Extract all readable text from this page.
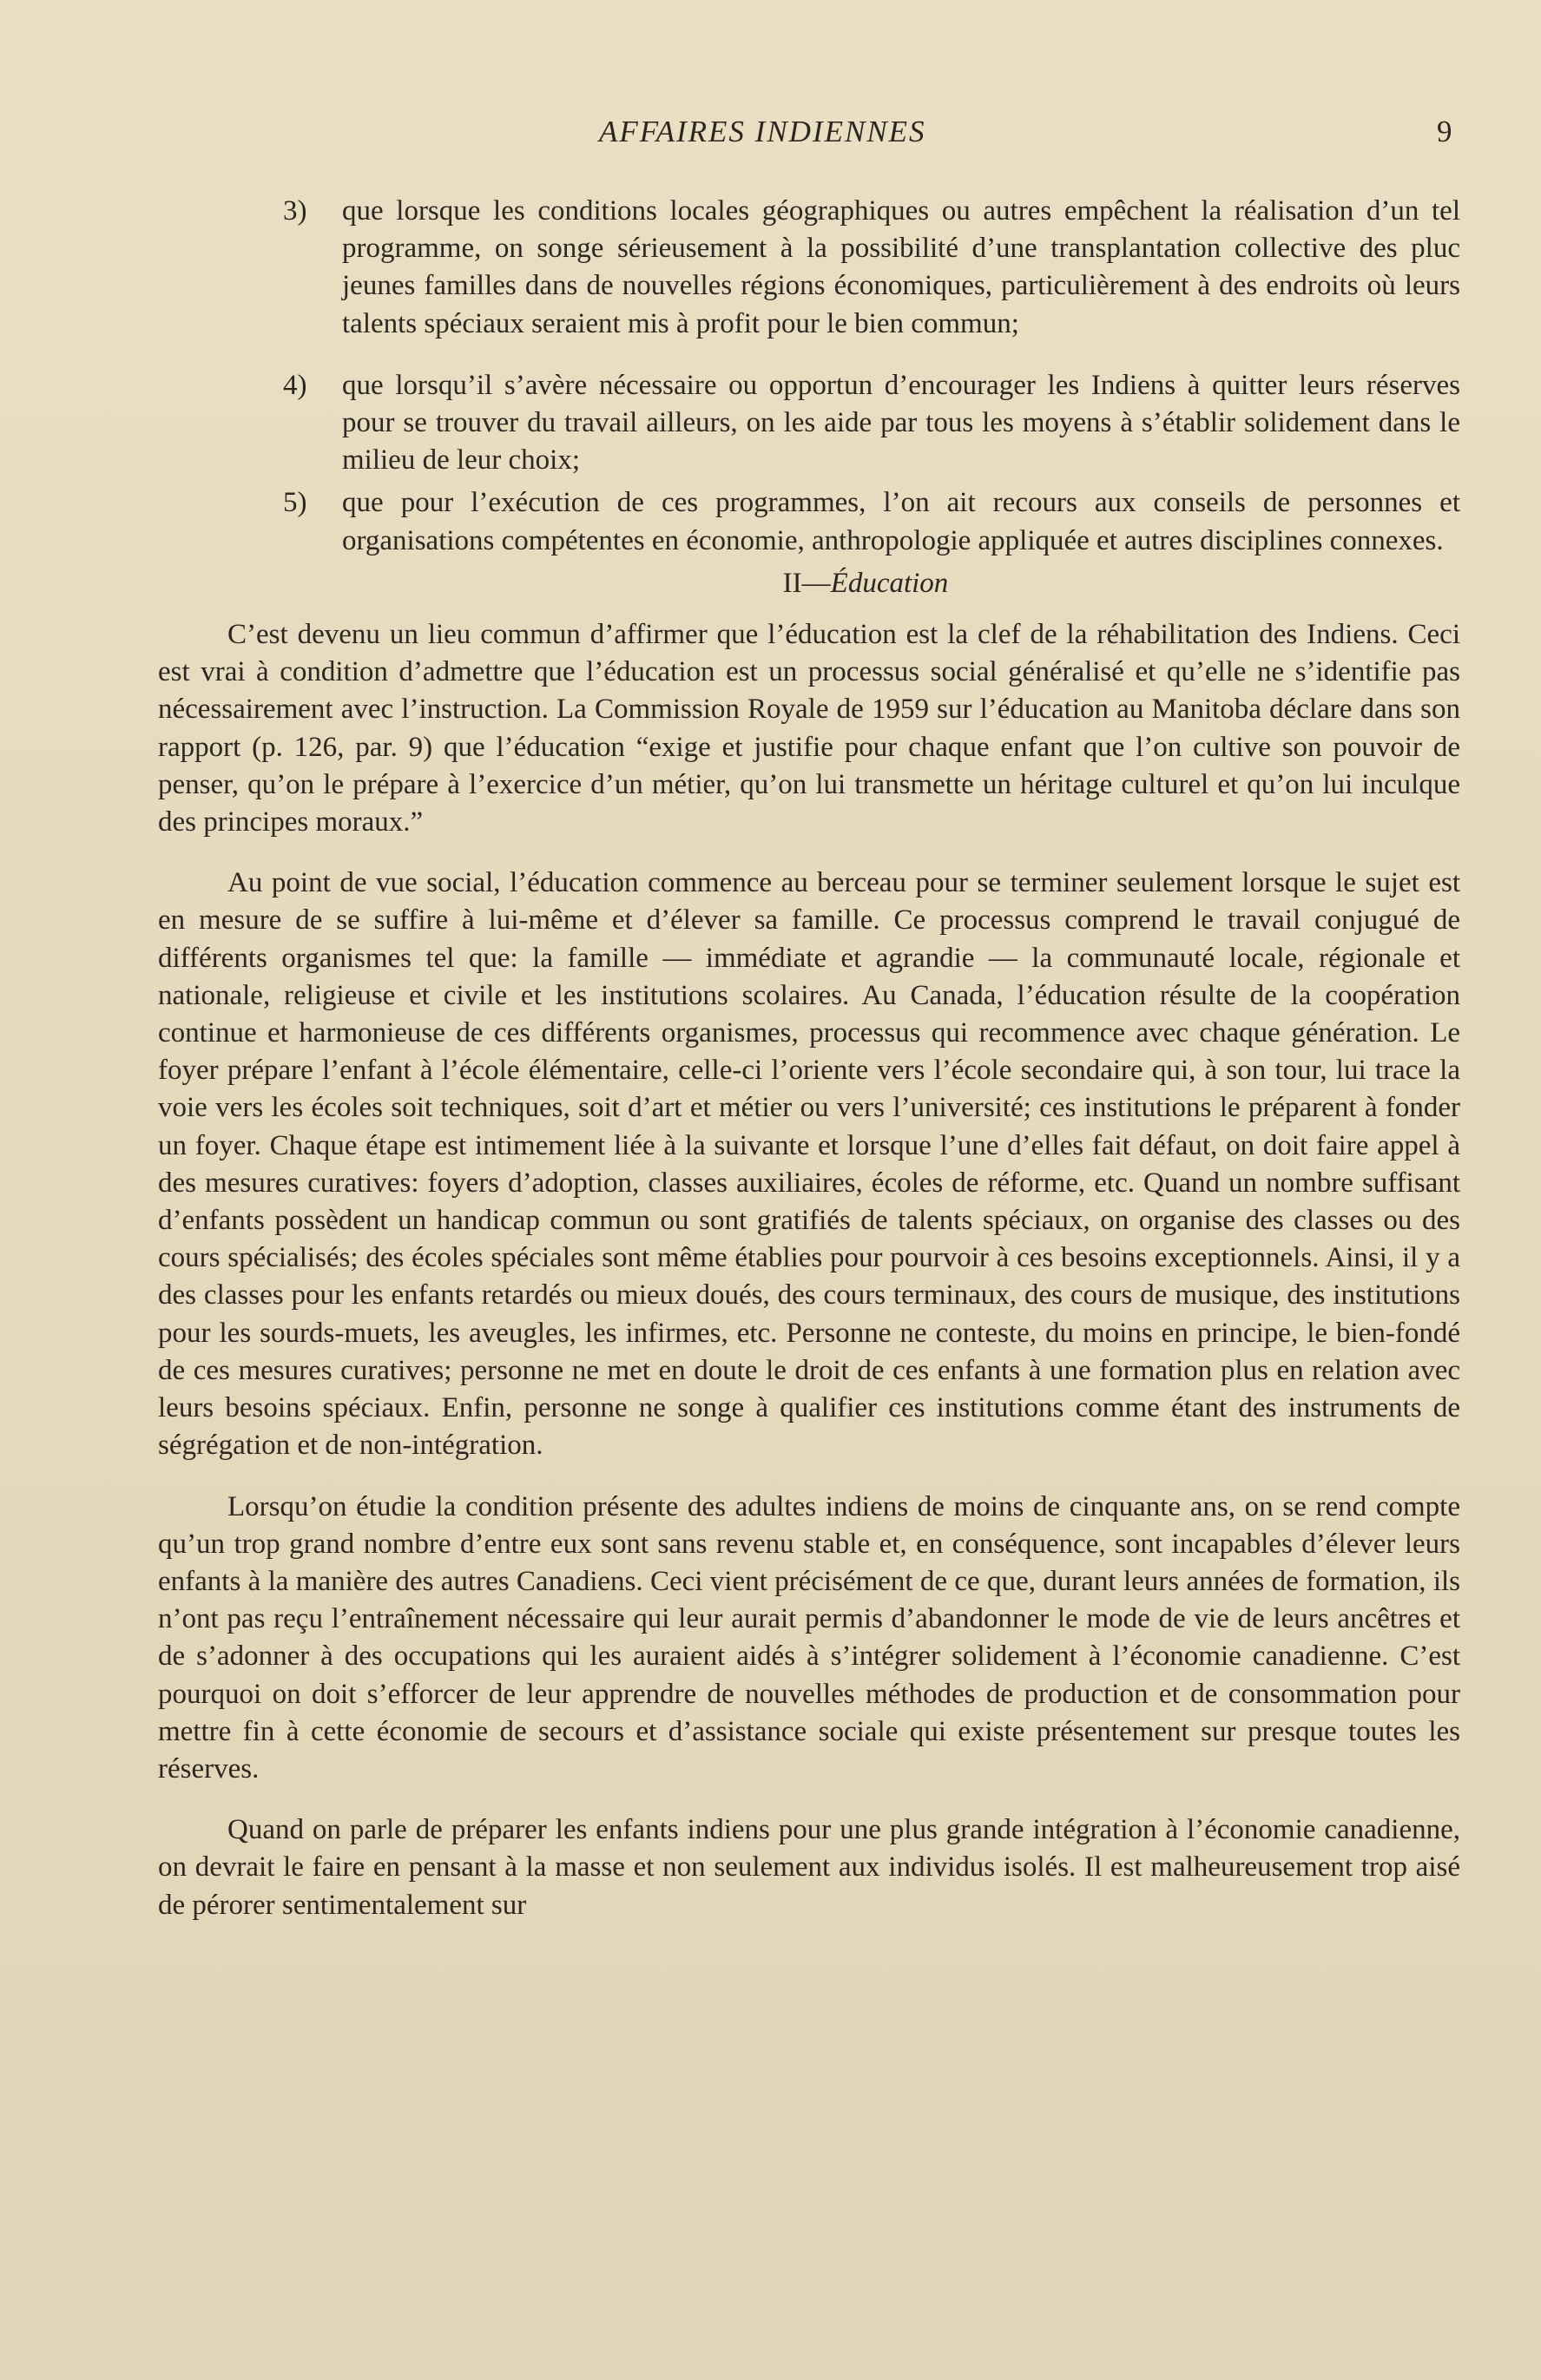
AFFAIRES INDIENNES	9
3) que lorsque les conditions locales géographiques ou autres empêchent la réalisation d’un tel programme, on songe sérieusement à la possibilité d’une transplantation collective des pluc jeunes familles dans de nouvelles régions économiques, particulièrement à des endroits où leurs talents spéciaux seraient mis à profit pour le bien commun;
4) que lorsqu’il s’avère nécessaire ou opportun d’encourager les Indiens à quitter leurs réserves pour se trouver du travail ailleurs, on les aide par tous les moyens à s’établir solidement dans le milieu de leur choix;
5) que pour l’exécution de ces programmes, l’on ait recours aux conseils de personnes et organisations compétentes en économie, anthropologie appliquée et autres disciplines connexes.
II—Éducation

C’est devenu un lieu commun d’affirmer que l’éducation est la clef de la réhabilitation des Indiens. Ceci est vrai à condition d’admettre que l’éducation est un processus social généralisé et qu’elle ne s’identifie pas nécessairement avec l’instruction. La Commission Royale de 1959 sur l’éducation au Manitoba déclare dans son rapport (p. 126, par. 9) que l’éducation “exige et justifie pour chaque enfant que l’on cultive son pouvoir de penser, qu’on le prépare à l’exercice d’un métier, qu’on lui transmette un héritage culturel et qu’on lui inculque des principes moraux.”

Au point de vue social, l’éducation commence au berceau pour se terminer seulement lorsque le sujet est en mesure de se suffire à lui-même et d’élever sa famille. Ce processus comprend le travail conjugué de différents organismes tel que: la famille — immédiate et agrandie — la communauté locale, régionale et nationale, religieuse et civile et les institutions scolaires. Au Canada, l’éducation résulte de la coopération continue et harmonieuse de ces différents organismes, processus qui recommence avec chaque génération. Le foyer prépare l’enfant à l’école élémentaire, celle-ci l’oriente vers l’école secondaire qui, à son tour, lui trace la voie vers les écoles soit techniques, soit d’art et métier ou vers l’université; ces institutions le préparent à fonder un foyer. Chaque étape est intimement liée à la suivante et lorsque l’une d’elles fait défaut, on doit faire appel à des mesures curatives: foyers d’adoption, classes auxiliaires, écoles de réforme, etc. Quand un nombre suffisant d’enfants possèdent un handicap commun ou sont gratifiés de talents spéciaux, on organise des classes ou des cours spécialisés; des écoles spéciales sont même établies pour pourvoir à ces besoins exceptionnels. Ainsi, il y a des classes pour les enfants retardés ou mieux doués, des cours terminaux, des cours de musique, des institutions pour les sourds-muets, les aveugles, les infirmes, etc. Personne ne conteste, du moins en principe, le bien-fondé de ces mesures curatives; personne ne met en doute le droit de ces enfants à une formation plus en relation avec leurs besoins spéciaux. Enfin, personne ne songe à qualifier ces institutions comme étant des instruments de ségrégation et de non-intégration.

Lorsqu’on étudie la condition présente des adultes indiens de moins de cinquante ans, on se rend compte qu’un trop grand nombre d’entre eux sont sans revenu stable et, en conséquence, sont incapables d’élever leurs enfants à la manière des autres Canadiens. Ceci vient précisément de ce que, durant leurs années de formation, ils n’ont pas reçu l’entraînement nécessaire qui leur aurait permis d’abandonner le mode de vie de leurs ancêtres et de s’adonner à des occupations qui les auraient aidés à s’intégrer solidement à l’économie canadienne. C’est pourquoi on doit s’efforcer de leur apprendre de nouvelles méthodes de production et de consommation pour mettre fin à cette économie de secours et d’assistance sociale qui existe présentement sur presque toutes les réserves.

Quand on parle de préparer les enfants indiens pour une plus grande intégration à l’économie canadienne, on devrait le faire en pensant à la masse et non seulement aux individus isolés. Il est malheureusement trop aisé de pérorer sentimentalement sur
